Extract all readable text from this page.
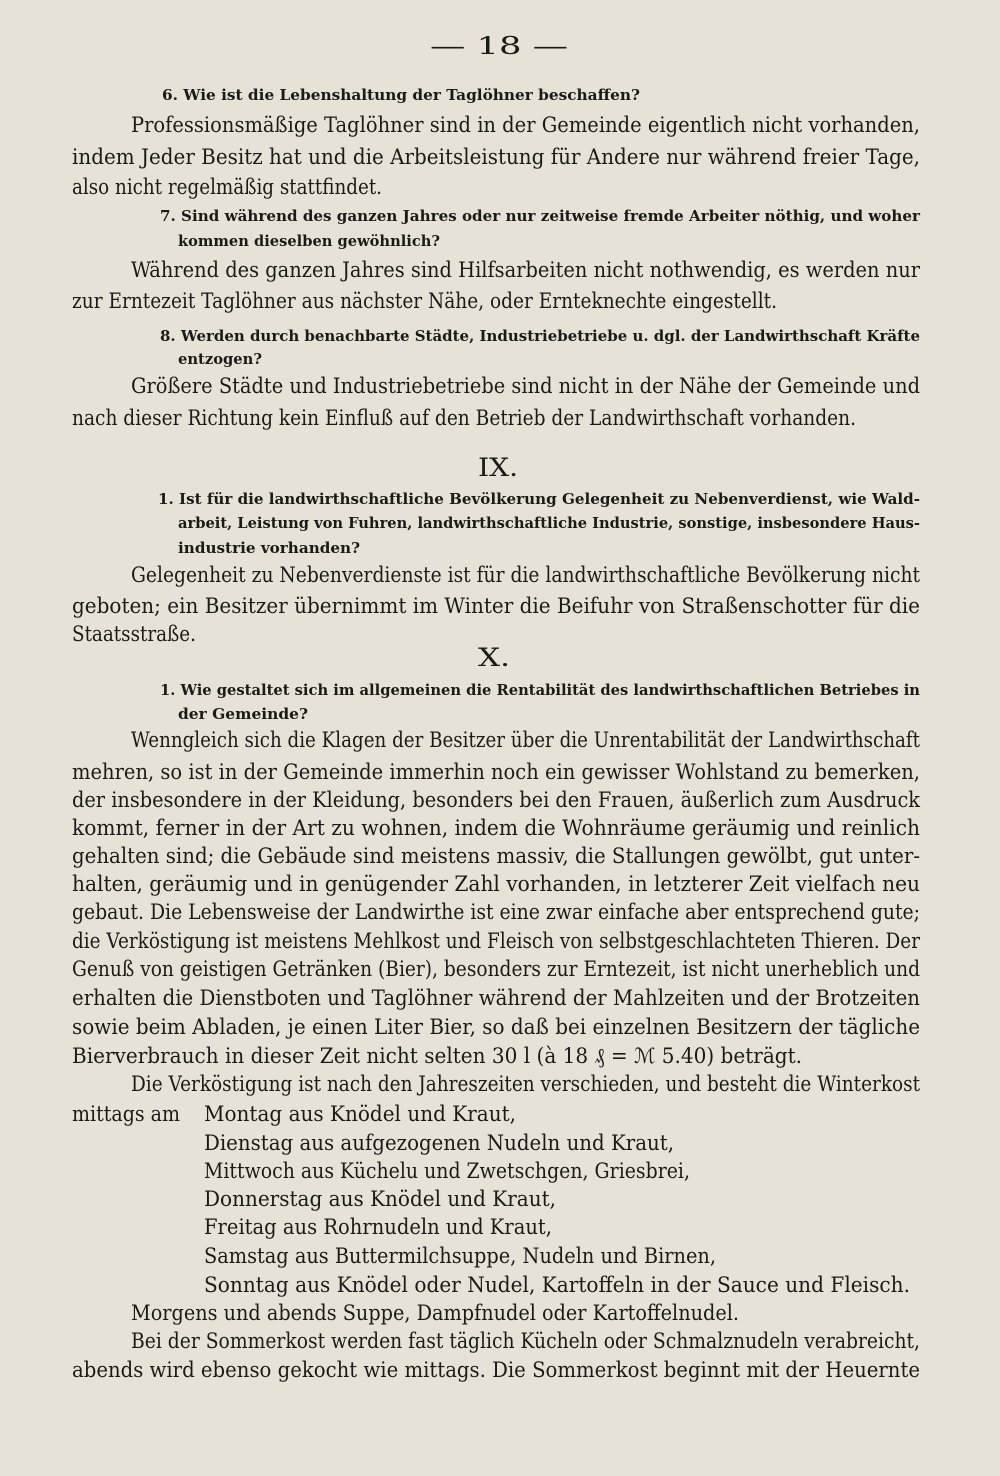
— 18 —
6. Wie ist die Lebenshaltung der Taglöhner beschaffen?
Professionsmäßige Taglöhner sind in der Gemeinde eigentlich nicht vorhanden,
indem Jeder Besitz hat und die Arbeitsleistung für Andere nur während freier Tage,
also nicht regelmäßig stattfindet.
7. Sind während des ganzen Jahres oder nur zeitweise fremde Arbeiter nöthig, und woher
kommen dieselben gewöhnlich?
Während des ganzen Jahres sind Hilfsarbeiten nicht nothwendig, es werden nur
zur Erntezeit Taglöhner aus nächster Nähe, oder Ernteknechte eingestellt.
8. Werden durch benachbarte Städte, Industriebetriebe u. dgl. der Landwirthschaft Kräfte
entzogen?
Größere Städte und Industriebetriebe sind nicht in der Nähe der Gemeinde und
nach dieser Richtung kein Einfluß auf den Betrieb der Landwirthschaft vorhanden.
IX.
1. Ist für die landwirthschaftliche Bevölkerung Gelegenheit zu Nebenverdienst, wie Wald-
arbeit, Leistung von Fuhren, landwirthschaftliche Industrie, sonstige, insbesondere Haus-
industrie vorhanden?
Gelegenheit zu Nebenverdienste ist für die landwirthschaftliche Bevölkerung nicht
geboten; ein Besitzer übernimmt im Winter die Beifuhr von Straßenschotter für die
Staatsstraße.
X.
1. Wie gestaltet sich im allgemeinen die Rentabilität des landwirthschaftlichen Betriebes in
der Gemeinde?
Wenngleich sich die Klagen der Besitzer über die Unrentabilität der Landwirthschaft
mehren, so ist in der Gemeinde immerhin noch ein gewisser Wohlstand zu bemerken,
der insbesondere in der Kleidung, besonders bei den Frauen, äußerlich zum Ausdruck
kommt, ferner in der Art zu wohnen, indem die Wohnräume geräumig und reinlich
gehalten sind; die Gebäude sind meistens massiv, die Stallungen gewölbt, gut unter-
halten, geräumig und in genügender Zahl vorhanden, in letzterer Zeit vielfach neu
gebaut. Die Lebensweise der Landwirthe ist eine zwar einfache aber entsprechend gute;
die Verköstigung ist meistens Mehlkost und Fleisch von selbstgeschlachteten Thieren. Der
Genuß von geistigen Getränken (Bier), besonders zur Erntezeit, ist nicht unerheblich und
erhalten die Dienstboten und Taglöhner während der Mahlzeiten und der Brotzeiten
sowie beim Abladen, je einen Liter Bier, so daß bei einzelnen Besitzern der tägliche
Bierverbrauch in dieser Zeit nicht selten 30 l (à 18 ₰ = ℳ 5.40) beträgt.
Die Verköstigung ist nach den Jahreszeiten verschieden, und besteht die Winterkost
mittags am Montag aus Knödel und Kraut,
Dienstag aus aufgezogenen Nudeln und Kraut,
Mittwoch aus Küchelu und Zwetschgen, Griesbrei,
Donnerstag aus Knödel und Kraut,
Freitag aus Rohrnudeln und Kraut,
Samstag aus Buttermilchsuppe, Nudeln und Birnen,
Sonntag aus Knödel oder Nudel, Kartoffeln in der Sauce und Fleisch.
Morgens und abends Suppe, Dampfnudel oder Kartoffelnudel.
Bei der Sommerkost werden fast täglich Kücheln oder Schmalznudeln verabreicht,
abends wird ebenso gekocht wie mittags. Die Sommerkost beginnt mit der Heuernte
